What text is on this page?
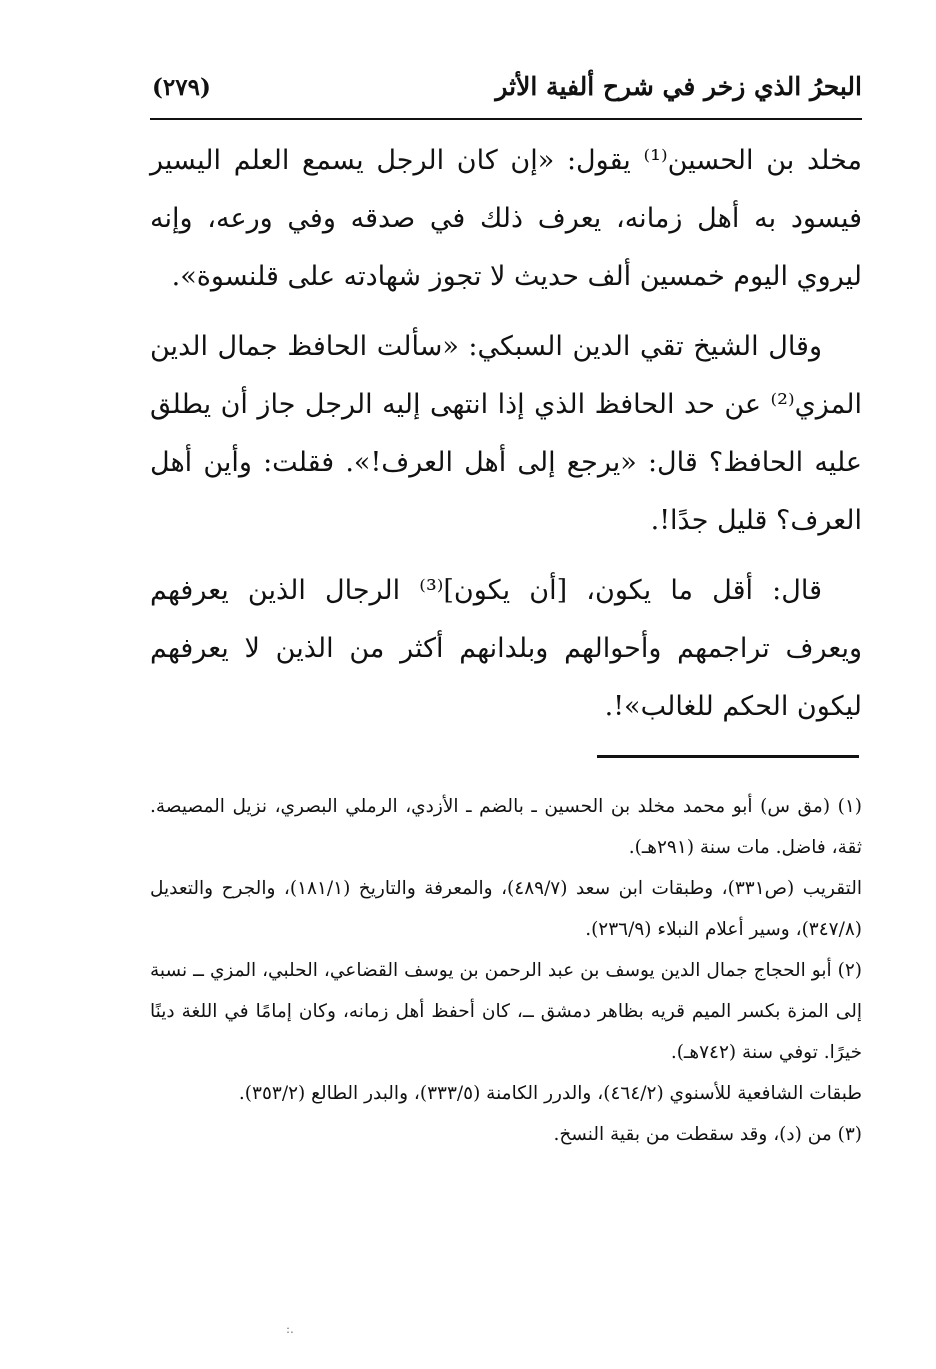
البحرُ الذي زخر في شرح ألفية الأثر
(٢٧٩)

مخلد بن الحسين⁽¹⁾ يقول: «إن كان الرجل يسمع العلم اليسير فيسود به أهل زمانه، يعرف ذلك في صدقه وفي ورعه، وإنه ليروي اليوم خمسين ألف حديث لا تجوز شهادته على قلنسوة».

وقال الشيخ تقي الدين السبكي: «سألت الحافظ جمال الدين المزي⁽²⁾ عن حد الحافظ الذي إذا انتهى إليه الرجل جاز أن يطلق عليه الحافظ؟ قال: «يرجع إلى أهل العرف!». فقلت: وأين أهل العرف؟ قليل جدًا!.

قال: أقل ما يكون، [أن يكون]⁽³⁾ الرجال الذين يعرفهم ويعرف تراجمهم وأحوالهم وبلدانهم أكثر من الذين لا يعرفهم ليكون الحكم للغالب»!.

(١) (مق س) أبو محمد مخلد بن الحسين ـ بالضم ـ الأزدي، الرملي البصري، نزيل المصيصة. ثقة، فاضل. مات سنة (٢٩١هـ).

التقريب (ص٣٣١)، وطبقات ابن سعد (٤٨٩/٧)، والمعرفة والتاريخ (١٨١/١)، والجرح والتعديل (٣٤٧/٨)، وسير أعلام النبلاء (٢٣٦/٩).

(٢) أبو الحجاج جمال الدين يوسف بن عبد الرحمن بن يوسف القضاعي، الحلبي، المزي ــ نسبة إلى المزة بكسر الميم قريه بظاهر دمشق ــ، كان أحفظ أهل زمانه، وكان إمامًا في اللغة دينًا خيرًا. توفي سنة (٧٤٢هـ).

طبقات الشافعية للأسنوي (٤٦٤/٢)، والدرر الكامنة (٣٣٣/٥)، والبدر الطالع (٣٥٣/٢).

(٣) من (د)، وقد سقطت من بقية النسخ.

:.
